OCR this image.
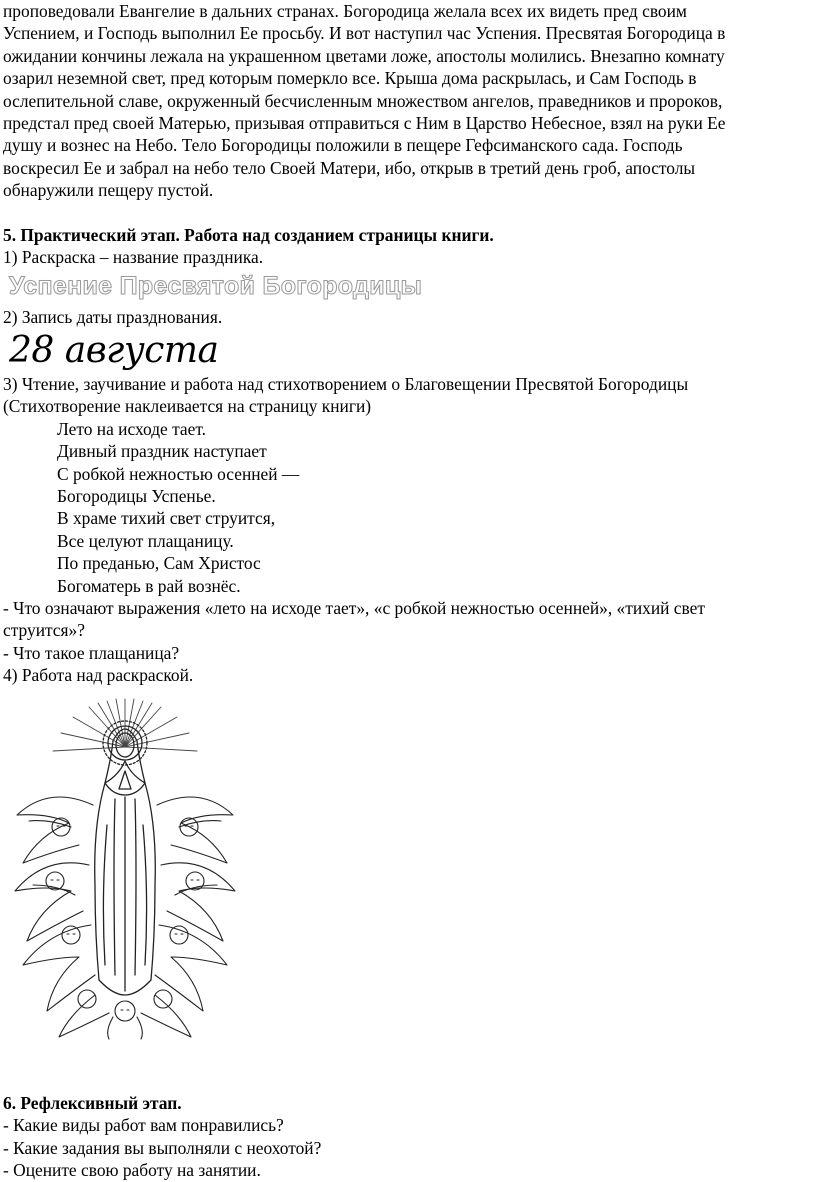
проповедовали Евангелие в дальних странах. Богородица желала всех их видеть пред своим

Успением, и Господь выполнил Ее просьбу. И вот наступил час Успения. Пресвятая Богородица в

ожидании кончины лежала на украшенном цветами ложе, апостолы молились. Внезапно комнату

озарил неземной свет, пред которым померкло все. Крыша дома раскрылась, и Сам Господь в

ослепительной славе, окруженный бесчисленным множеством ангелов, праведников и пророков,

предстал пред своей Матерью, призывая отправиться с Ним в Царство Небесное, взял на руки Ее

душу и вознес на Небо. Тело Богородицы положили в пещере Гефсиманского сада. Господь

воскресил Ее и забрал на небо тело Своей Матери, ибо, открыв в третий день гроб, апостолы

обнаружили пещеру пустой.

5. Практический этап. Работа над созданием страницы книги.

1) Раскраска – название праздника.

Успение Пресвятой Богородицы

2) Запись даты празднования.

28 августа

3) Чтение, заучивание и работа над стихотворением о Благовещении Пресвятой Богородицы

(Стихотворение наклеивается на страницу книги)

Лето на исходе тает.

Дивный праздник наступает

С робкой нежностью осенней —

Богородицы Успенье.

В храме тихий свет струится,

Все целуют плащаницу.

По преданью, Сам Христос

Богоматерь в рай вознёс.

- Что означают выражения «лето на исходе тает», «с робкой нежностью осенней», «тихий свет

струится»?

- Что такое плащаница?

4) Работа над раскраской.

6. Рефлексивный этап.

- Какие виды работ вам понравились?

- Какие задания вы выполняли с неохотой?

- Оцените свою работу на занятии.
